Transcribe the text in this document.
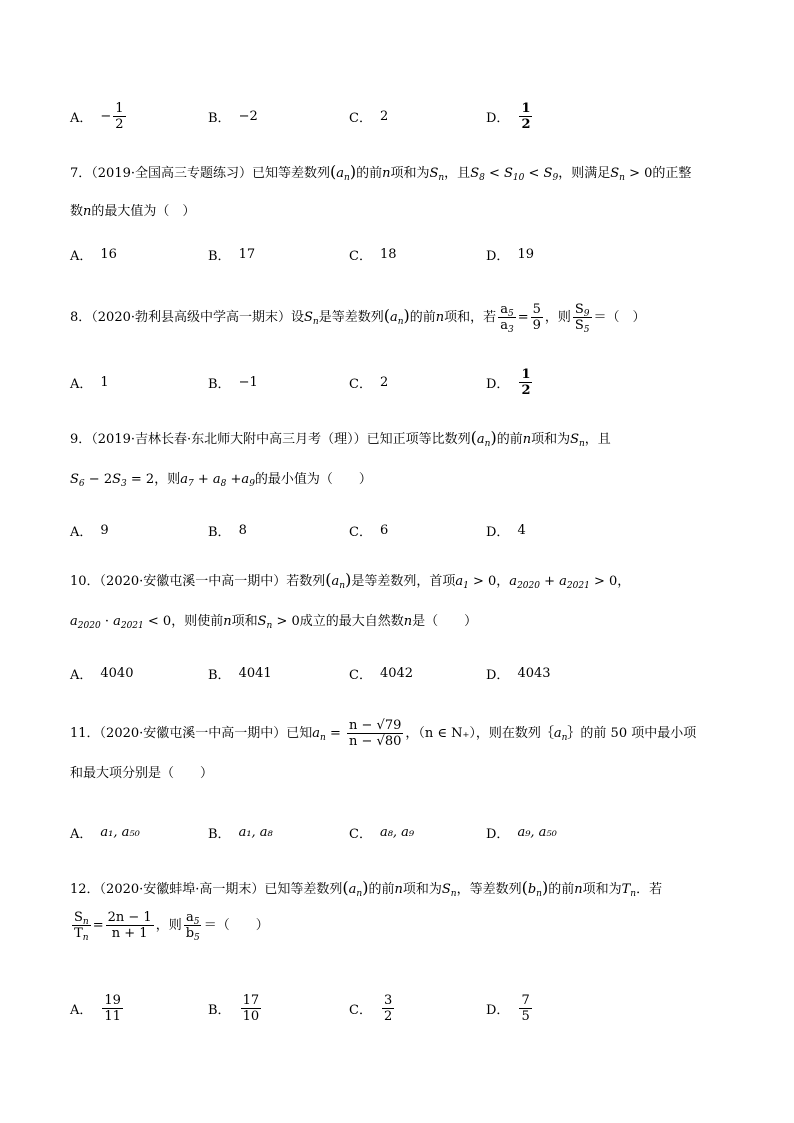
A． − $\frac{1}{2}$	B． −2	C． 2	D． $\frac{1}{2}$
7．（2019·全国高三专题练习）已知等差数列$(a_n)$的前n项和为$S_n$，且$S_8 < S_{10} < S_9$，则满足$S_n > 0$的正整
数n的最大值为（　）
A． 16	B． 17	C． 18	D． 19
8．（2020·勃利县高级中学高一期末）设$S_n$是等差数列$(a_n)$的前n项和，若 $\frac{a_5}{a_3} = \frac{5}{9}$ ，则 $\frac{S_9}{S_5}$ ＝（　）
A． 1	B． −1	C． 2	D． $\frac{1}{2}$
9．（2019·吉林长春·东北师大附中高三月考（理））已知正项等比数列$(a_n)$的前n项和为$S_n$，且
$S_6 - 2S_3 = 2$，则$a_7 + a_8 +a_9$的最小值为（　　）
A． 9	B． 8	C． 6	D． 4
10．（2020·安徽屯溪一中高一期中）若数列$(a_n)$是等差数列，首项$a_1 > 0$，$a_{2020} + a_{2021} > 0$，
$a_{2020} \cdot a_{2021} < 0$，则使前n项和$S_n > 0$成立的最大自然数n是（　　）
A． 4040	B． 4041	C． 4042	D． 4043
11．（2020·安徽屯溪一中高一期中）已知$a_n = \frac{n - √79}{n - √80}$ ，（n ∈ N₊），则在数列$\{a_n\}$的前 50 项中最小项
和最大项分别是（　　）
A． a₁, a₅₀	B． a₁, a₈	C． a₈, a₉	D． a₉, a₅₀
12．（2020·安徽蚌埠·高一期末）已知等差数列$(a_n)$的前n项和为$S_n$，等差数列$(b_n)$的前n项和为$T_n$．若
$\frac{S_n}{T_n} = \frac{2n - 1}{n + 1}$ ，则 $\frac{a_5}{b_5}$ ＝（　　）
A． $\frac{19}{11}$	B． $\frac{17}{10}$	C． $\frac{3}{2}$	D． $\frac{7}{5}$
